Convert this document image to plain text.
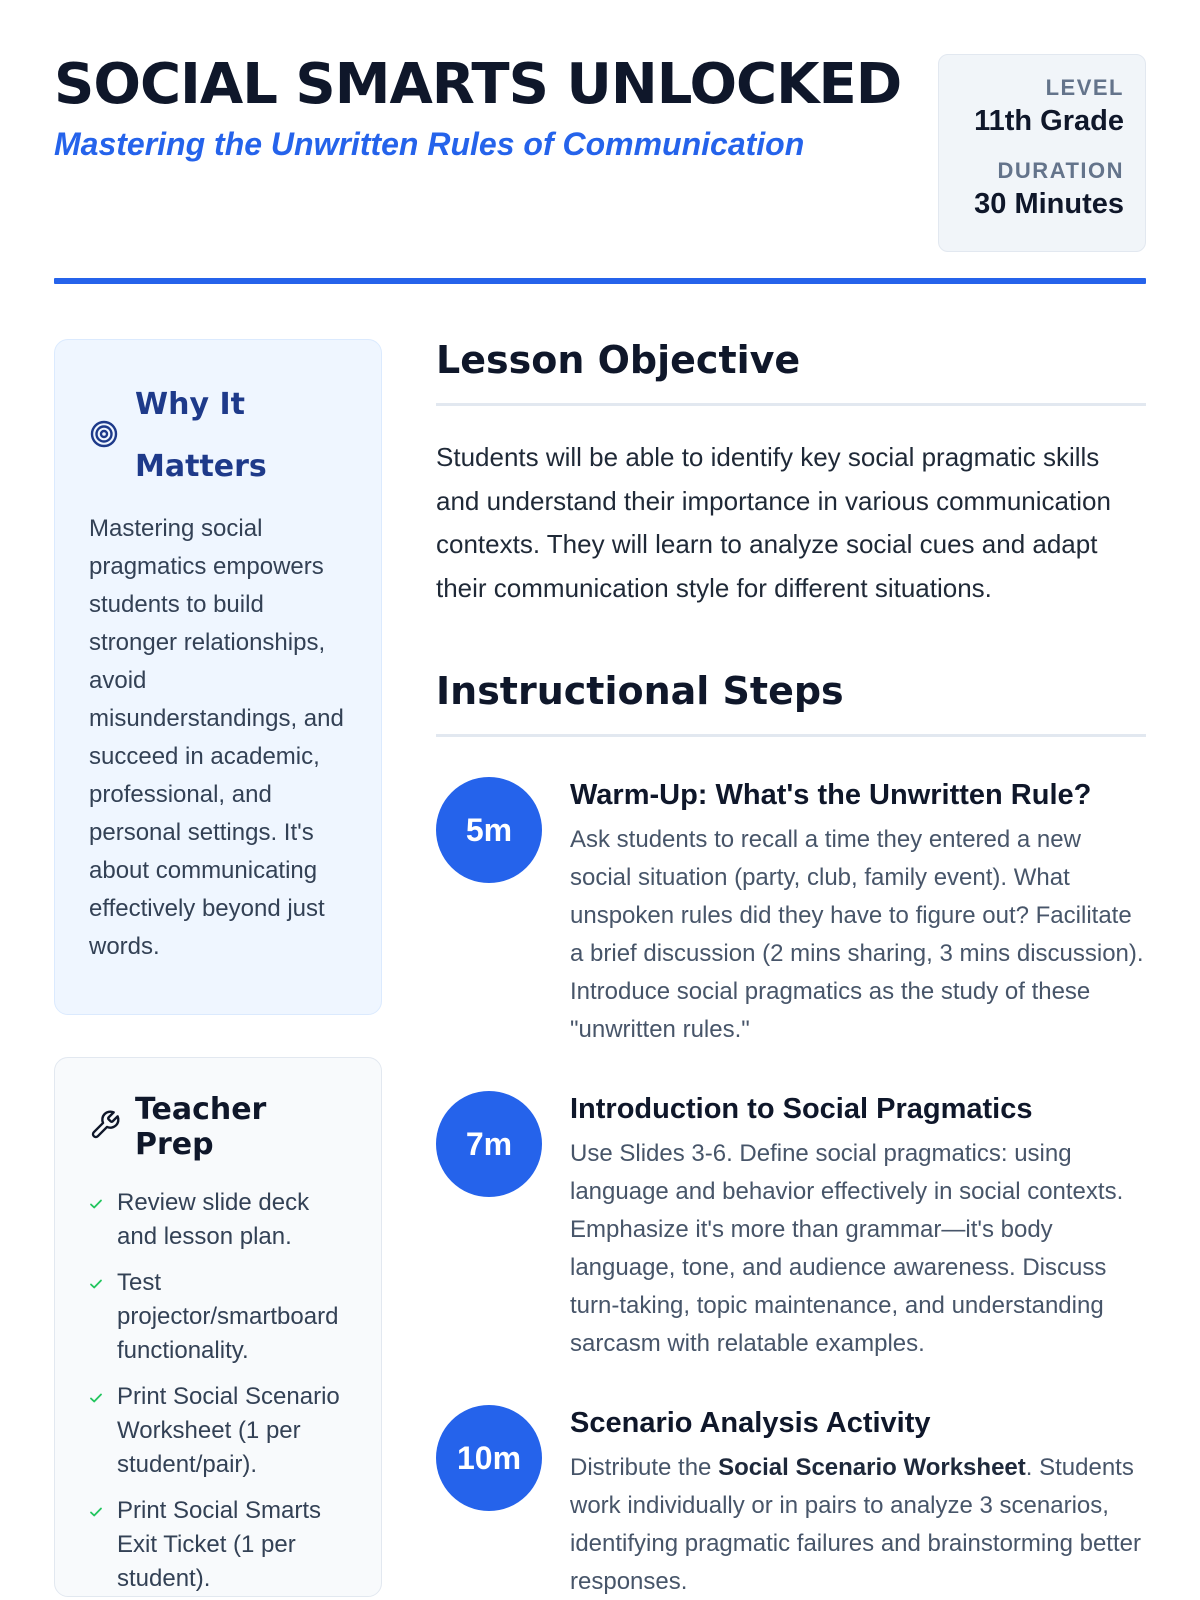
SOCIAL SMARTS UNLOCKED
Mastering the Unwritten Rules of Communication
LEVEL
11th Grade
DURATION
30 Minutes
Why It Matters

Mastering social pragmatics empowers students to build stronger relationships, avoid misunderstandings, and succeed in academic, professional, and personal settings. It's about communicating effectively beyond just words.

Teacher Prep
Review slide deck and lesson plan.
Test projector/smartboard functionality.
Print Social Scenario Worksheet (1 per student/pair).
Print Social Smarts Exit Ticket (1 per student).
Lesson Objective

Students will be able to identify key social pragmatic skills and understand their importance in various communication contexts. They will learn to analyze social cues and adapt their communication style for different situations.

Instructional Steps
5m
Warm-Up: What's the Unwritten Rule?

Ask students to recall a time they entered a new social situation (party, club, family event). What unspoken rules did they have to figure out? Facilitate a brief discussion (2 mins sharing, 3 mins discussion). Introduce social pragmatics as the study of these "unwritten rules."

7m
Introduction to Social Pragmatics

Use Slides 3-6. Define social pragmatics: using language and behavior effectively in social contexts. Emphasize it's more than grammar—it's body language, tone, and audience awareness. Discuss turn-taking, topic maintenance, and understanding sarcasm with relatable examples.

10m
Scenario Analysis Activity

Distribute the Social Scenario Worksheet. Students work individually or in pairs to analyze 3 scenarios, identifying pragmatic failures and brainstorming better responses.
